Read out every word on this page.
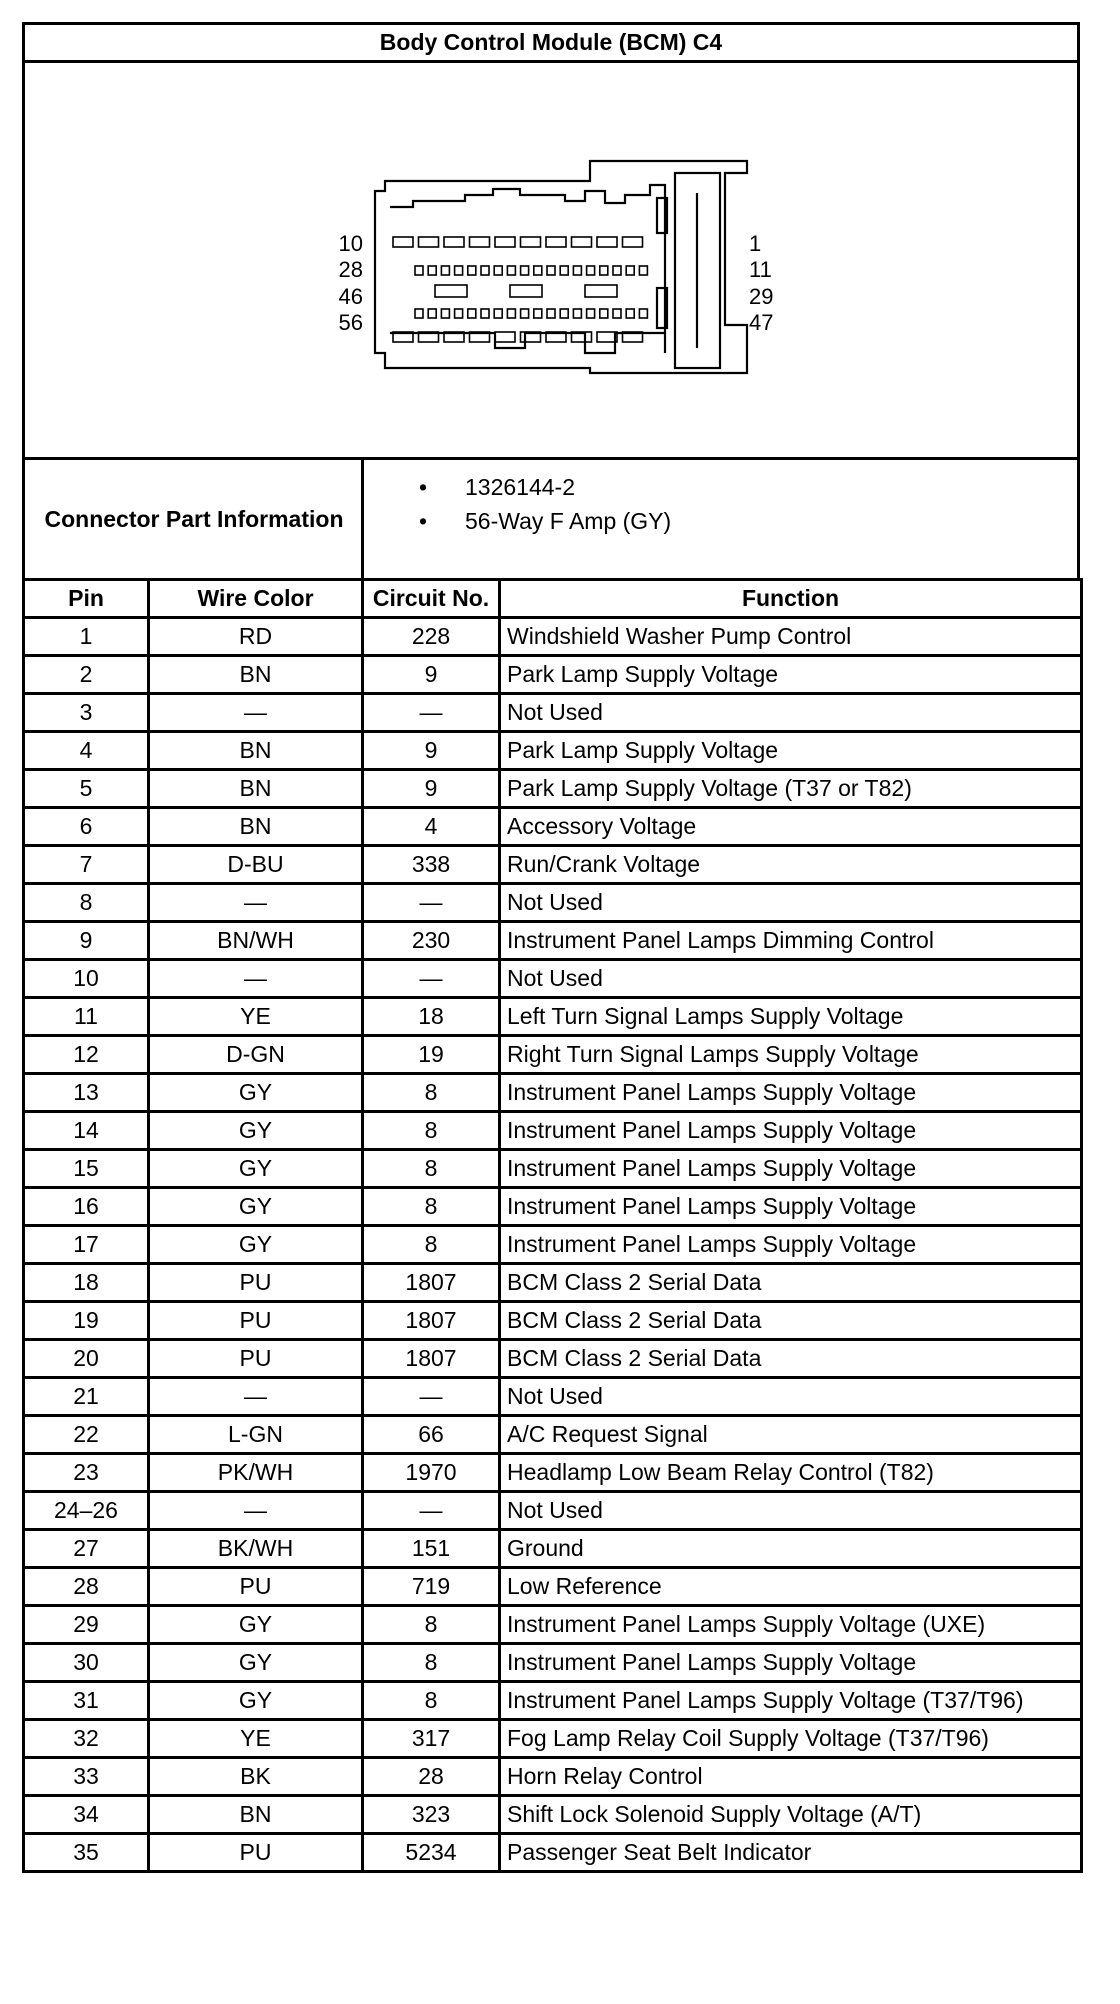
Body Control Module (BCM) C4
10
28
46
56
1
11
29
47
Connector Part Information
• 1326144-2
• 56-Way F Amp (GY)
Pin	Wire Color	Circuit No.	Function
1	RD	228	Windshield Washer Pump Control
2	BN	9	Park Lamp Supply Voltage
3	—	—	Not Used
4	BN	9	Park Lamp Supply Voltage
5	BN	9	Park Lamp Supply Voltage (T37 or T82)
6	BN	4	Accessory Voltage
7	D-BU	338	Run/Crank Voltage
8	—	—	Not Used
9	BN/WH	230	Instrument Panel Lamps Dimming Control
10	—	—	Not Used
11	YE	18	Left Turn Signal Lamps Supply Voltage
12	D-GN	19	Right Turn Signal Lamps Supply Voltage
13	GY	8	Instrument Panel Lamps Supply Voltage
14	GY	8	Instrument Panel Lamps Supply Voltage
15	GY	8	Instrument Panel Lamps Supply Voltage
16	GY	8	Instrument Panel Lamps Supply Voltage
17	GY	8	Instrument Panel Lamps Supply Voltage
18	PU	1807	BCM Class 2 Serial Data
19	PU	1807	BCM Class 2 Serial Data
20	PU	1807	BCM Class 2 Serial Data
21	—	—	Not Used
22	L-GN	66	A/C Request Signal
23	PK/WH	1970	Headlamp Low Beam Relay Control (T82)
24–26	—	—	Not Used
27	BK/WH	151	Ground
28	PU	719	Low Reference
29	GY	8	Instrument Panel Lamps Supply Voltage (UXE)
30	GY	8	Instrument Panel Lamps Supply Voltage
31	GY	8	Instrument Panel Lamps Supply Voltage (T37/T96)
32	YE	317	Fog Lamp Relay Coil Supply Voltage (T37/T96)
33	BK	28	Horn Relay Control
34	BN	323	Shift Lock Solenoid Supply Voltage (A/T)
35	PU	5234	Passenger Seat Belt Indicator
